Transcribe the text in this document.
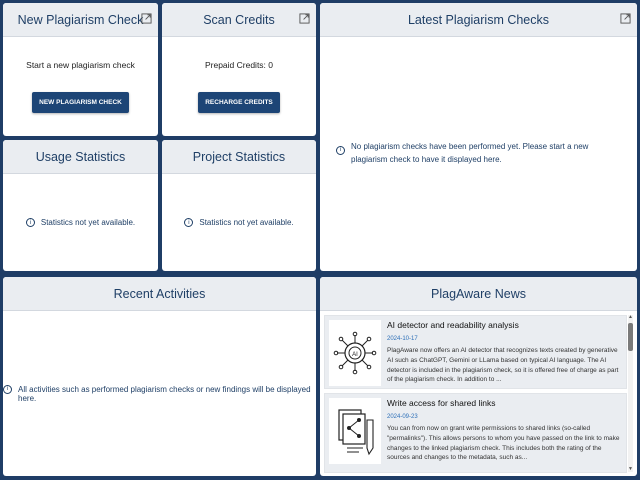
New Plagiarism Check
Start a new plagiarism check
NEW PLAGIARISM CHECK
Scan Credits
Prepaid Credits: 0
RECHARGE CREDITS
Latest Plagiarism Checks
i	No plagiarism checks have been performed yet. Please start a new plagiarism check to have it displayed here.
Usage Statistics
i	Statistics not yet available.
Project Statistics
i	Statistics not yet available.
Recent Activities
i	All activities such as performed plagiarism checks or new findings will be displayed here.
PlagAware News
AI
AI detector and readability analysis
2024-10-17
PlagAware now offers an AI detector that recognizes texts created by generative AI such as ChatGPT, Gemini or LLama based on typical AI language. The AI detector is included in the plagiarism check, so it is offered free of charge as part of the plagiarism check. In addition to ...
Write access for shared links
2024-09-23
You can from now on grant write permissions to shared links (so-called "permalinks"). This allows persons to whom you have passed on the link to make changes to the linked plagiarism check. This includes both the rating of the sources and changes to the metadata, such as...
▲
▼
